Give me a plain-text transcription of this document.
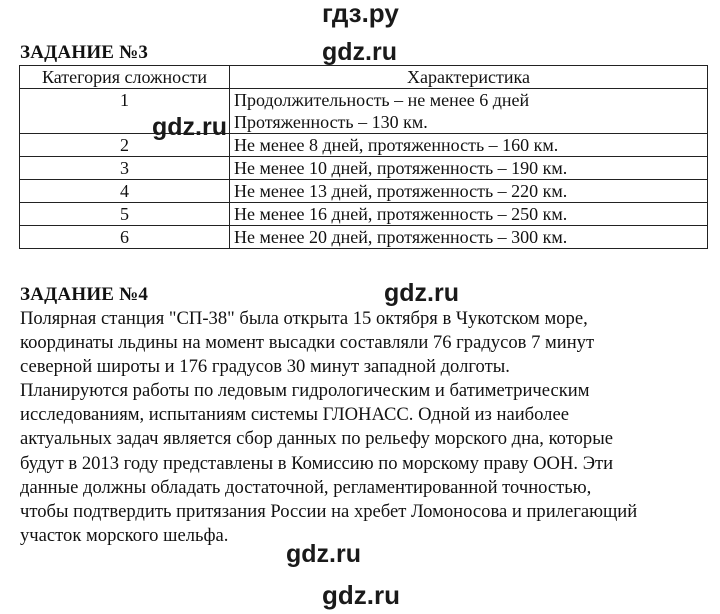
гдз.ру
gdz.ru
ЗАДАНИЕ №3
Категория сложности	Характеристика
1	Продолжительность – не менее 6 дней
Протяженность – 130 км.

2	Не менее 8 дней, протяженность – 160 км.
3	Не менее 10 дней, протяженность – 190 км.
4	Не менее 13 дней, протяженность – 220 км.
5	Не менее 16 дней, протяженность – 250 км.
6	Не менее 20 дней, протяженность – 300 км.
gdz.ru
ЗАДАНИЕ №4	gdz.ru
Полярная станция "СП-38" была открыта 15 октября в Чукотском море,
координаты льдины на момент высадки составляли 76 градусов 7 минут
северной широты и 176 градусов 30 минут западной долготы.
Планируются работы по ледовым гидрологическим и батиметрическим
исследованиям, испытаниям системы ГЛОНАСС. Одной из наиболее
актуальных задач является сбор данных по рельефу морского дна, которые
будут в 2013 году представлены в Комиссию по морскому праву ООН. Эти
данные должны обладать достаточной, регламентированной точностью,
чтобы подтвердить притязания России на хребет Ломоносова и прилегающий
участок морского шельфа.
gdz.ru
gdz.ru
